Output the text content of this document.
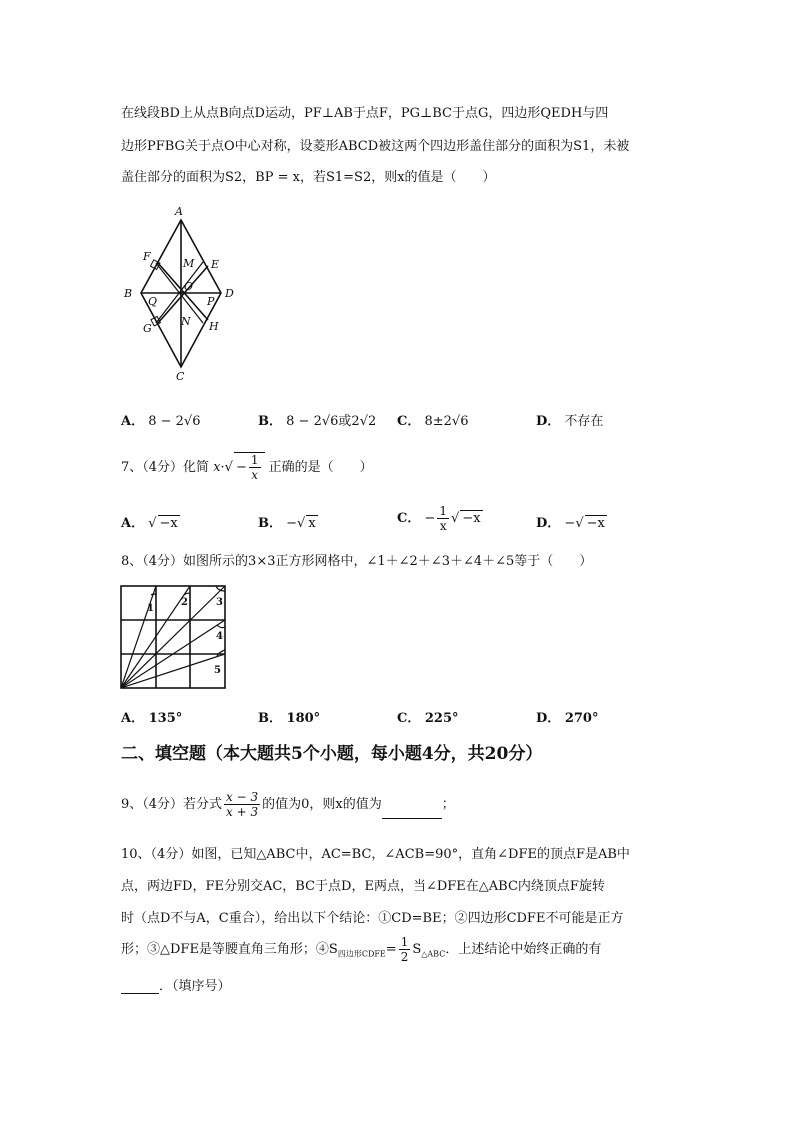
在线段BD上从点B向点D运动，PF⊥AB于点F，PG⊥BC于点G，四边形QEDH与四
边形PFBG关于点O中心对称，设菱形ABCD被这两个四边形盖住部分的面积为S1，未被
盖住部分的面积为S2，BP = x，若S1=S2，则x的值是（　　）
A
B
C
D
E
F
G	H
M
N
O
P
Q
A． 8 − 2√6	B． 8 − 2√6或2√2 C． 8±2√6	D． 不存在
7、（4分）化简 $x\cdot√ - \frac{1}{x}$ 正确的是（　　）
A． √ −x	B． −√ x	C． − $\frac{1}{x}$ √ −x	D． −√ −x
8、（4分）如图所示的3×3正方形网格中，∠1＋∠2＋∠3＋∠4＋∠5等于（　　）
1
2	3
4
5
A． 135°	B． 180°	C． 225°	D． 270°
二、填空题（本大题共5个小题，每小题4分，共20分）
9、（4分）若分式 $\frac{x - 3}{x + 3}$ 的值为0，则x的值为	；
10、（4分）如图，已知△ABC中，AC=BC，∠ACB=90°，直角∠DFE的顶点F是AB中
点，两边FD，FE分别交AC，BC于点D，E两点，当∠DFE在△ABC内绕顶点F旋转
时（点D不与A，C重合），给出以下个结论：①CD=BE；②四边形CDFE不可能是正方
形；③△DFE是等腰直角三角形；$④S_{四边形CDFE}= \frac{1}{2} S_{\triangle ABC}$．上述结论中始终正确的有
．（填序号）
